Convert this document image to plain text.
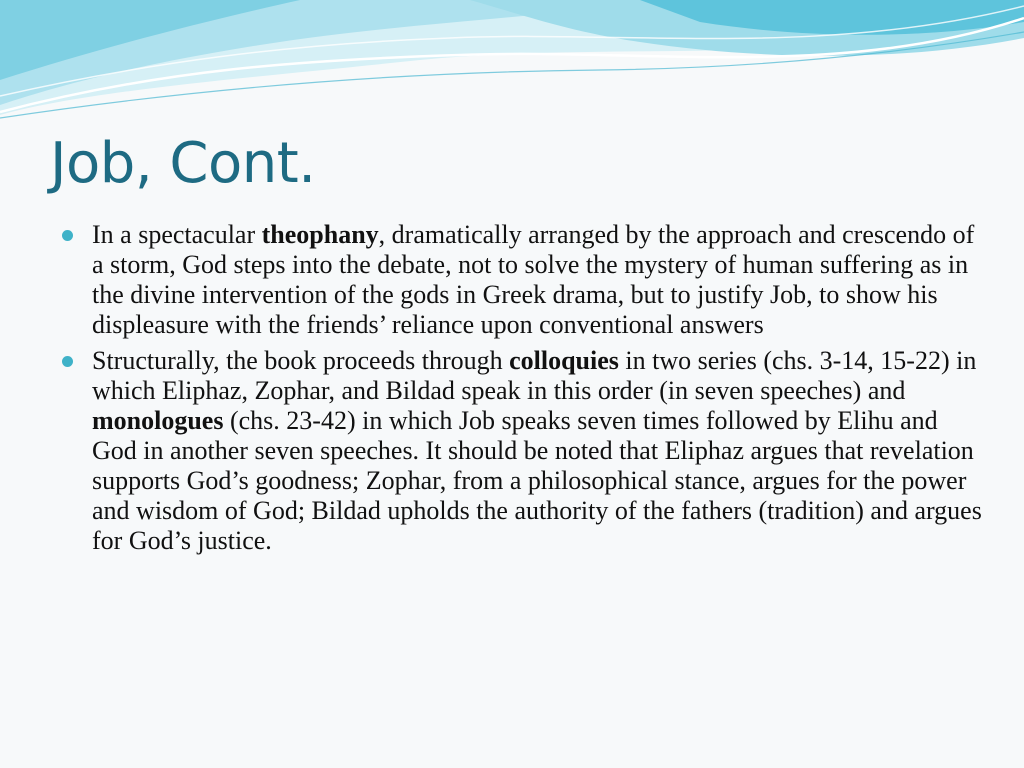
Job, Cont.
In a spectacular theophany, dramatically arranged by the approach and crescendo of a storm, God steps into the debate, not to solve the mystery of human suffering as in the divine intervention of the gods in Greek drama, but to justify Job, to show his displeasure with the friends’ reliance upon conventional answers
Structurally, the book proceeds through colloquies in two series (chs. 3-14, 15-22) in which Eliphaz, Zophar, and Bildad speak in this order (in seven speeches) and monologues (chs. 23-42) in which Job speaks seven times followed by Elihu and God in another seven speeches. It should be noted that Eliphaz argues that revelation supports God’s goodness; Zophar, from a philosophical stance, argues for the power and wisdom of God; Bildad upholds the authority of the fathers (tradition) and argues for God’s justice.
